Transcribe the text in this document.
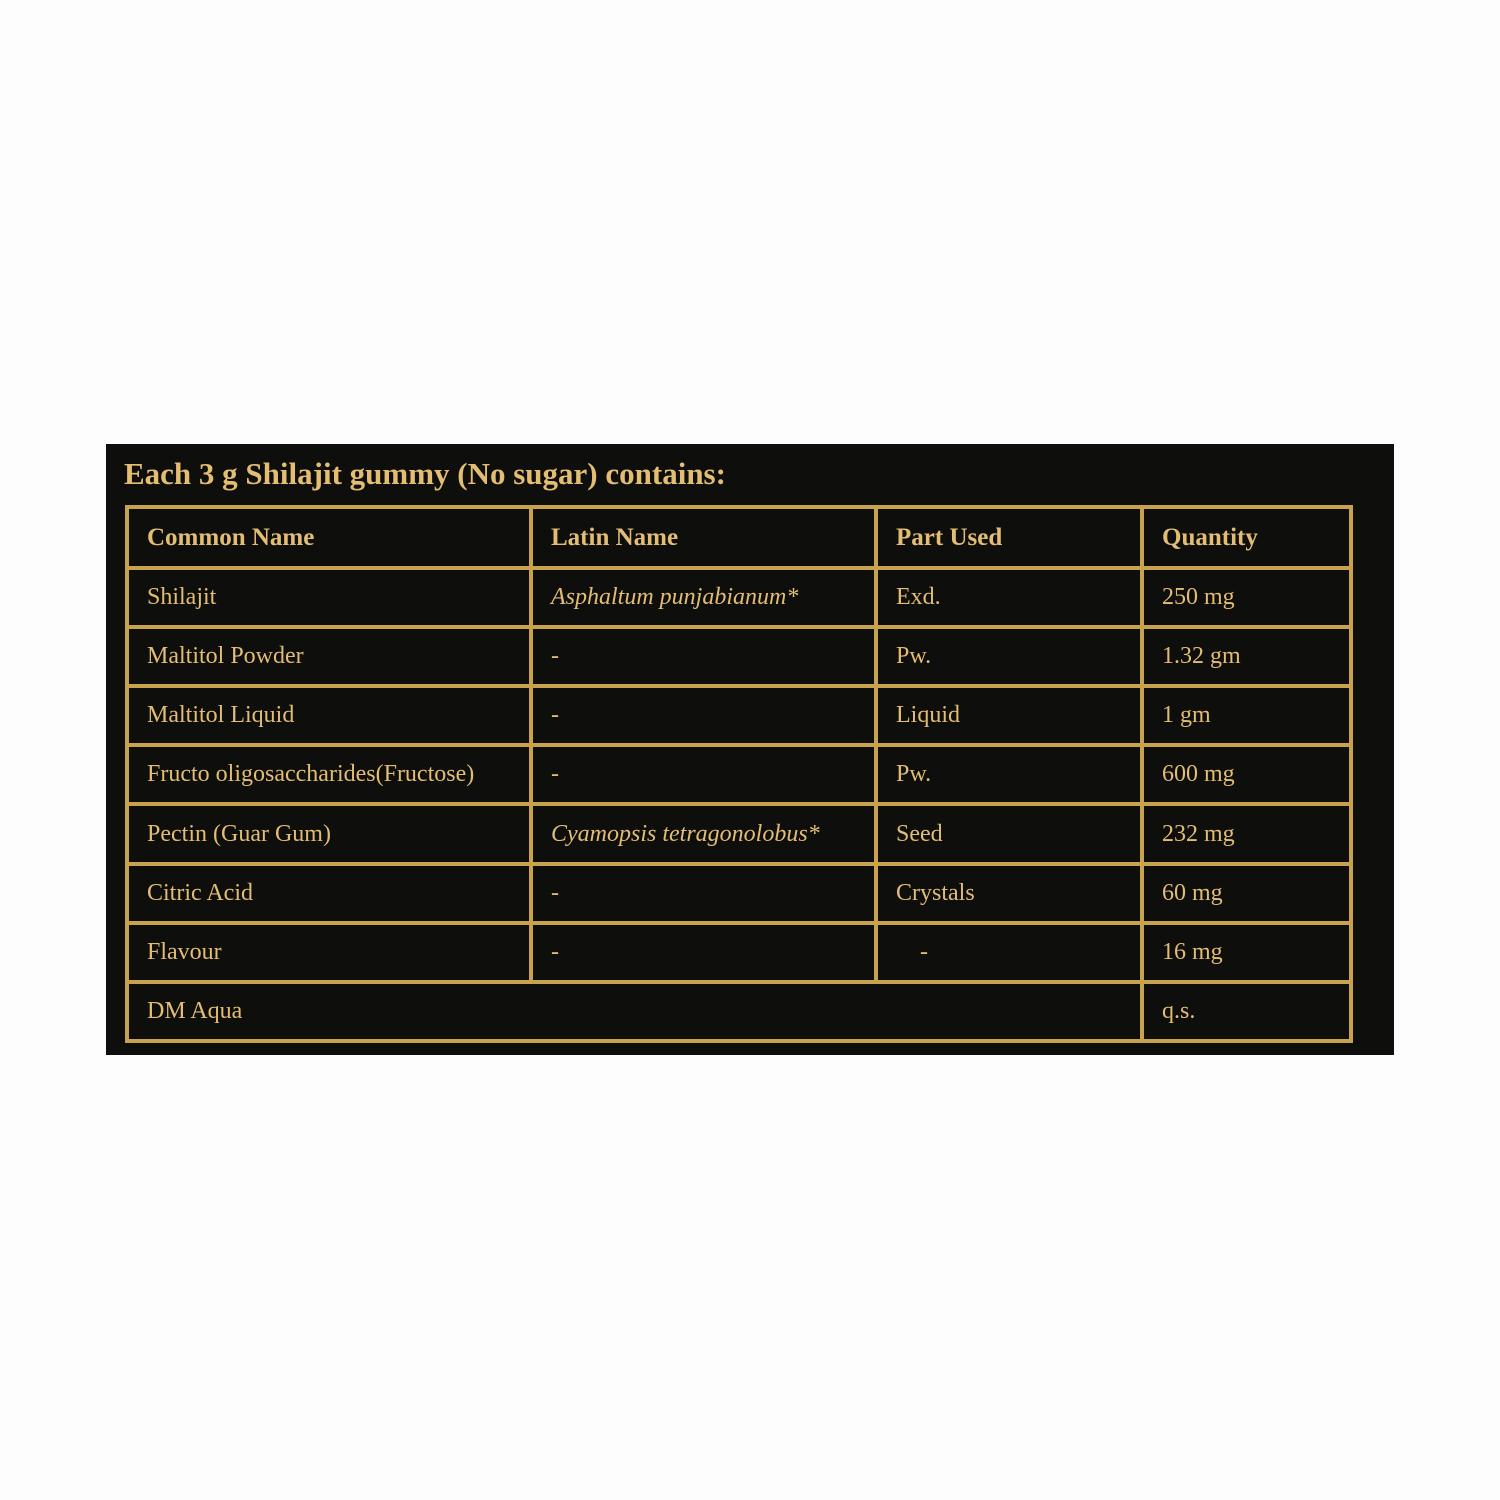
Each 3 g Shilajit gummy (No sugar) contains:
Common Name	Latin Name	Part Used	Quantity
Shilajit	Asphaltum punjabianum*	Exd.	250 mg
Maltitol Powder	-	Pw.	1.32 gm
Maltitol Liquid	-	Liquid	1 gm
Fructo oligosaccharides(Fructose)	-	Pw.	600 mg
Pectin (Guar Gum)	Cyamopsis tetragonolobus*	Seed	232 mg
Citric Acid	-	Crystals	60 mg
Flavour	-	-	16 mg
DM Aqua			q.s.
